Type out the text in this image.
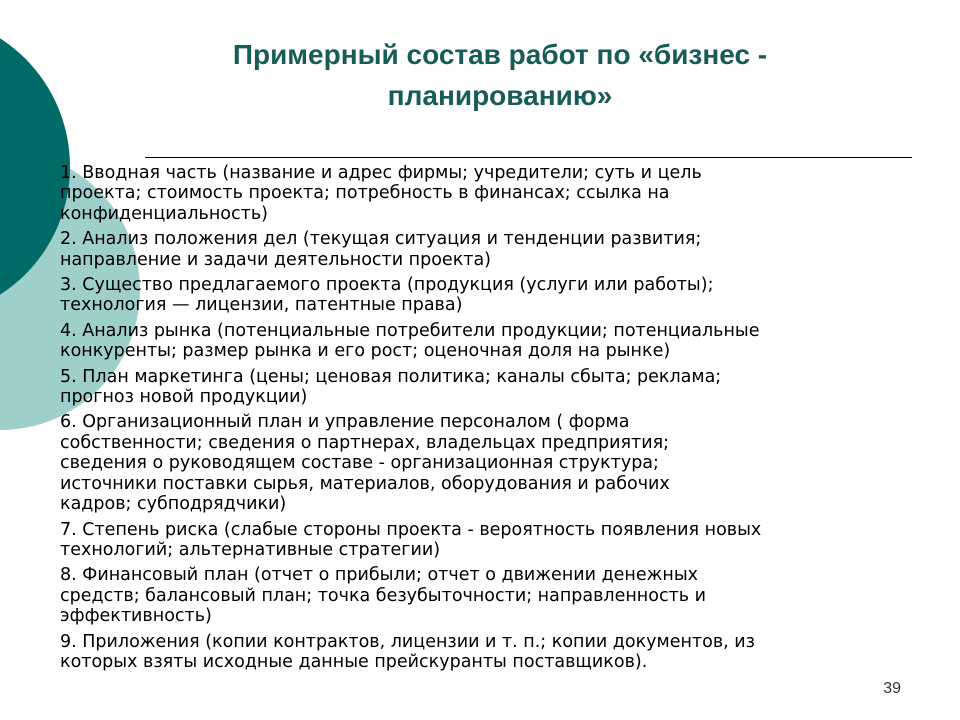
Примерный состав работ по «бизнес -
планированию»
1. Вводная часть (название и адрес фирмы; учредители; суть и цель
проекта; стоимость проекта; потребность в финансах; ссылка на
конфиденциальность)
2. Анализ положения дел (текущая ситуация и тенденции развития;
направление и задачи деятельности проекта)
3. Существо предлагаемого проекта (продукция (услуги или работы);
технология — лицензии, патентные права)
4. Анализ рынка (потенциальные потребители продукции; потенциальные
конкуренты; размер рынка и его рост; оценочная доля на рынке)
5. План маркетинга (цены; ценовая политика; каналы сбыта; реклама;
прогноз новой продукции)
6. Организационный план и управление персоналом ( форма
собственности; сведения о партнерах, владельцах предприятия;
сведения о руководящем составе - организационная структура;
источники поставки сырья, материалов, оборудования и рабочих
кадров; субподрядчики)
7. Степень риска (слабые стороны проекта - вероятность появления новых
технологий; альтернативные стратегии)
8. Финансовый план (отчет о прибыли; отчет о движении денежных
средств; балансовый план; точка безубыточности; направленность и
эффективность)
9. Приложения (копии контрактов, лицензии и т. п.; копии документов, из
которых взяты исходные данные прейскуранты поставщиков).
39
